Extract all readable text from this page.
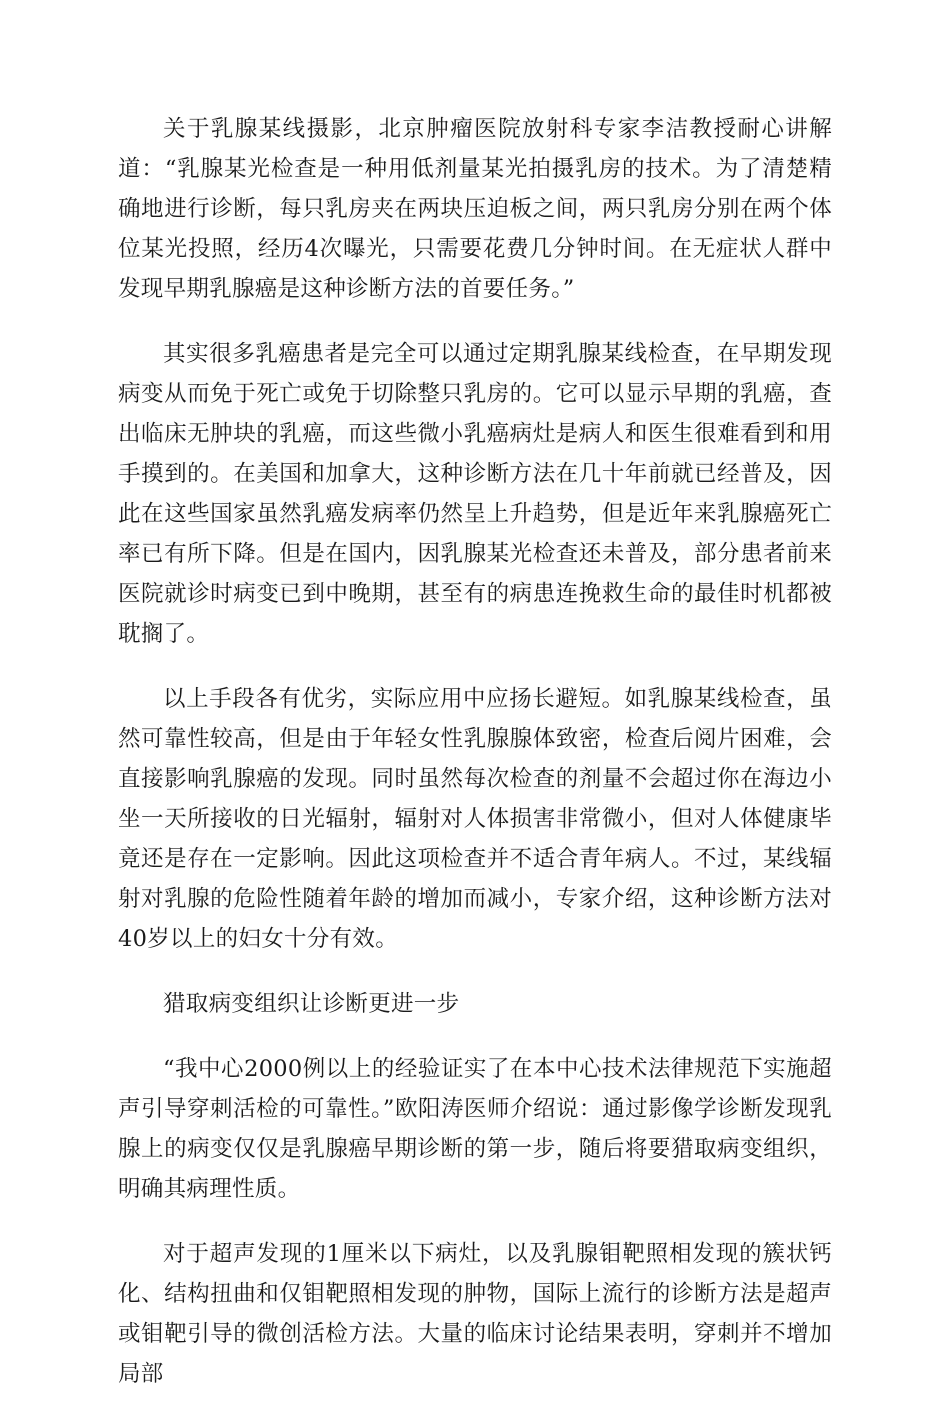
关于乳腺某线摄影，北京肿瘤医院放射科专家李洁教授耐心讲解道：“乳腺某光检查是一种用低剂量某光拍摄乳房的技术。为了清楚精确地进行诊断，每只乳房夹在两块压迫板之间，两只乳房分别在两个体位某光投照，经历4次曝光，只需要花费几分钟时间。在无症状人群中发现早期乳腺癌是这种诊断方法的首要任务。”

其实很多乳癌患者是完全可以通过定期乳腺某线检查，在早期发现病变从而免于死亡或免于切除整只乳房的。它可以显示早期的乳癌，查出临床无肿块的乳癌，而这些微小乳癌病灶是病人和医生很难看到和用手摸到的。在美国和加拿大，这种诊断方法在几十年前就已经普及，因此在这些国家虽然乳癌发病率仍然呈上升趋势，但是近年来乳腺癌死亡率已有所下降。但是在国内，因乳腺某光检查还未普及，部分患者前来医院就诊时病变已到中晚期，甚至有的病患连挽救生命的最佳时机都被耽搁了。

以上手段各有优劣，实际应用中应扬长避短。如乳腺某线检查，虽然可靠性较高，但是由于年轻女性乳腺腺体致密，检查后阅片困难，会直接影响乳腺癌的发现。同时虽然每次检查的剂量不会超过你在海边小坐一天所接收的日光辐射，辐射对人体损害非常微小，但对人体健康毕竟还是存在一定影响。因此这项检查并不适合青年病人。不过，某线辐射对乳腺的危险性随着年龄的增加而减小，专家介绍，这种诊断方法对40岁以上的妇女十分有效。

猎取病变组织让诊断更进一步

“我中心2000例以上的经验证实了在本中心技术法律规范下实施超声引导穿刺活检的可靠性。”欧阳涛医师介绍说：通过影像学诊断发现乳腺上的病变仅仅是乳腺癌早期诊断的第一步，随后将要猎取病变组织，明确其病理性质。

对于超声发现的1厘米以下病灶，以及乳腺钼靶照相发现的簇状钙化、结构扭曲和仅钼靶照相发现的肿物，国际上流行的诊断方法是超声或钼靶引导的微创活检方法。大量的临床讨论结果表明，穿刺并不增加局部
